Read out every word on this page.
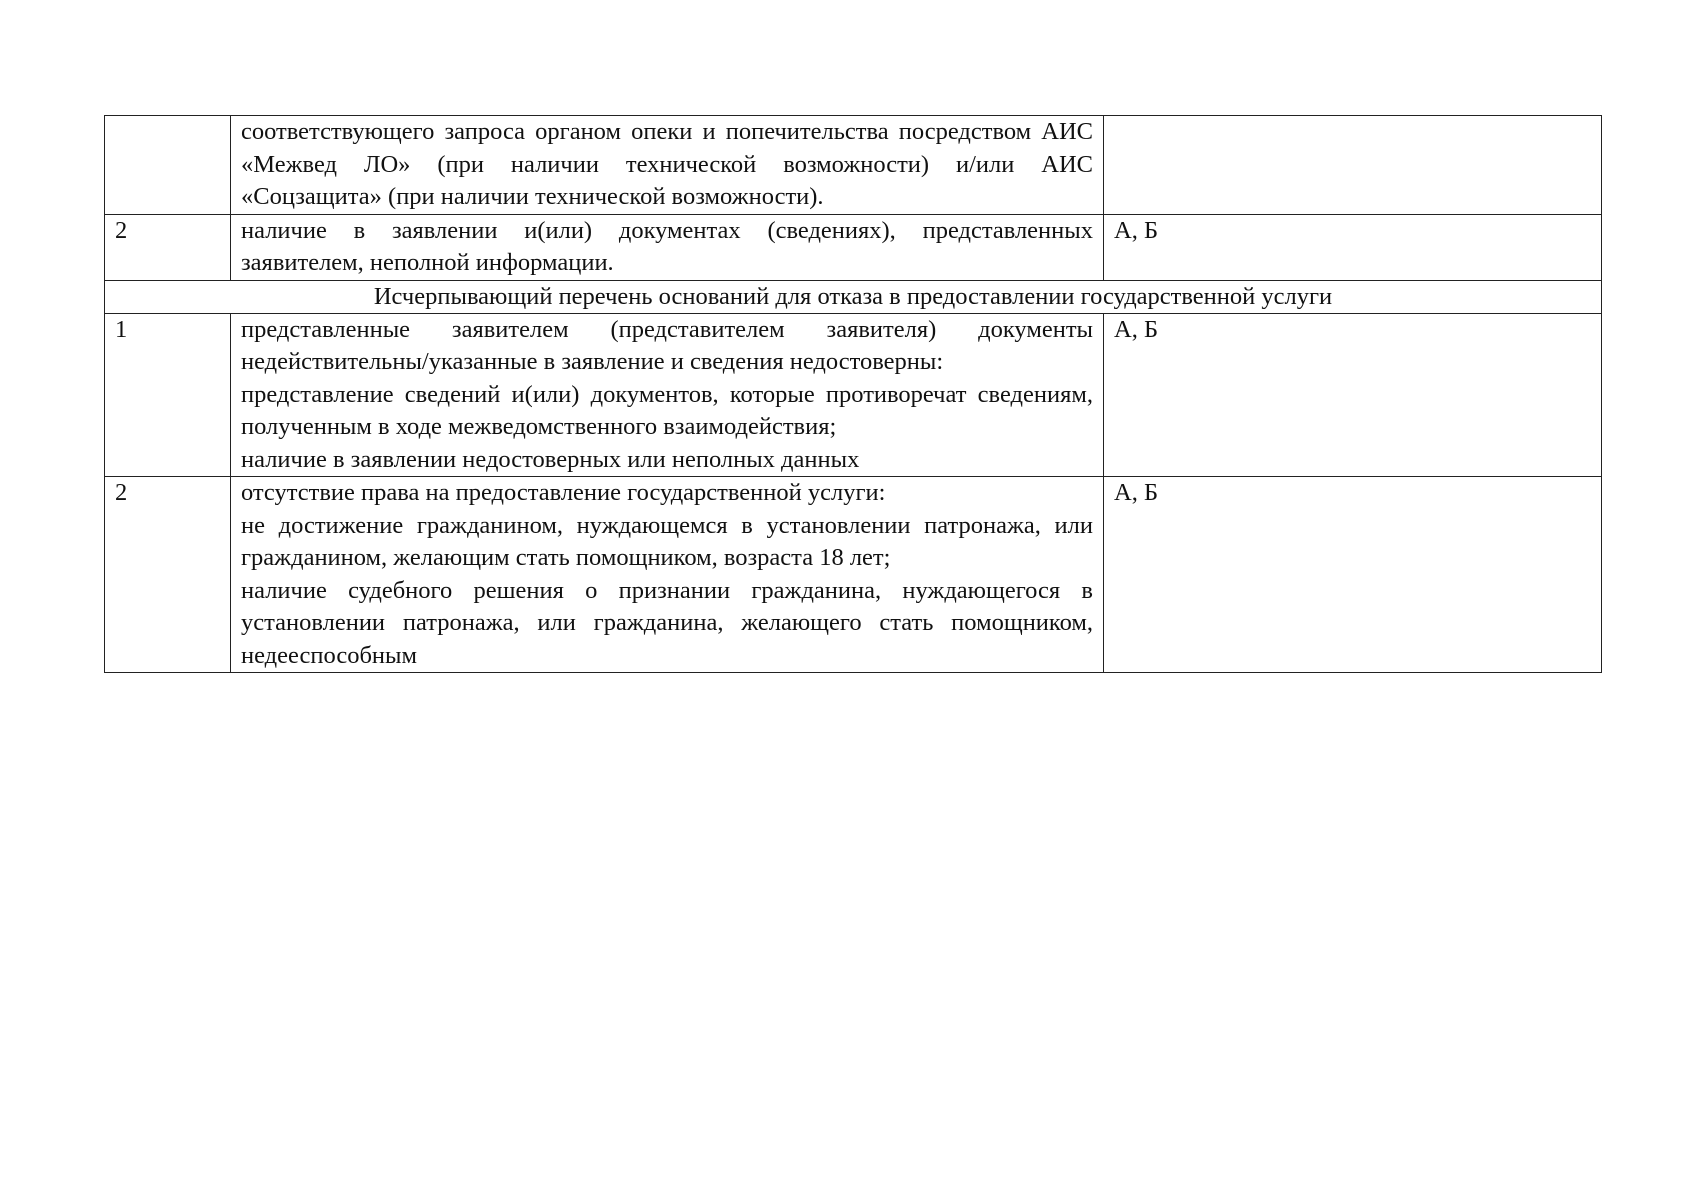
	соответствующего запроса органом опеки и попечительства посредством АИС «Межвед ЛО» (при наличии технической возможности) и/или АИС «Соцзащита» (при наличии технической возможности).	

2	наличие в заявлении и(или) документах (сведениях), представленных заявителем, неполной информации.	А, Б
Исчерпывающий перечень оснований для отказа в предоставлении государственной услуги		
1	представленные заявителем (представителем заявителя) документы недействительны/указанные в заявление и сведения недостоверны:

представление сведений и(или) документов, которые противоречат сведениям, полученным в ходе межведомственного взаимодействия;

наличие в заявлении недостоверных или неполных данных	А, Б
2	отсутствие права на предоставление государственной услуги:

не достижение гражданином, нуждающемся в установлении патронажа, или гражданином, желающим стать помощником, возраста 18 лет;

наличие судебного решения о признании гражданина, нуждающегося в установлении патронажа, или гражданина, желающего стать помощником, недееспособным	А, Б
